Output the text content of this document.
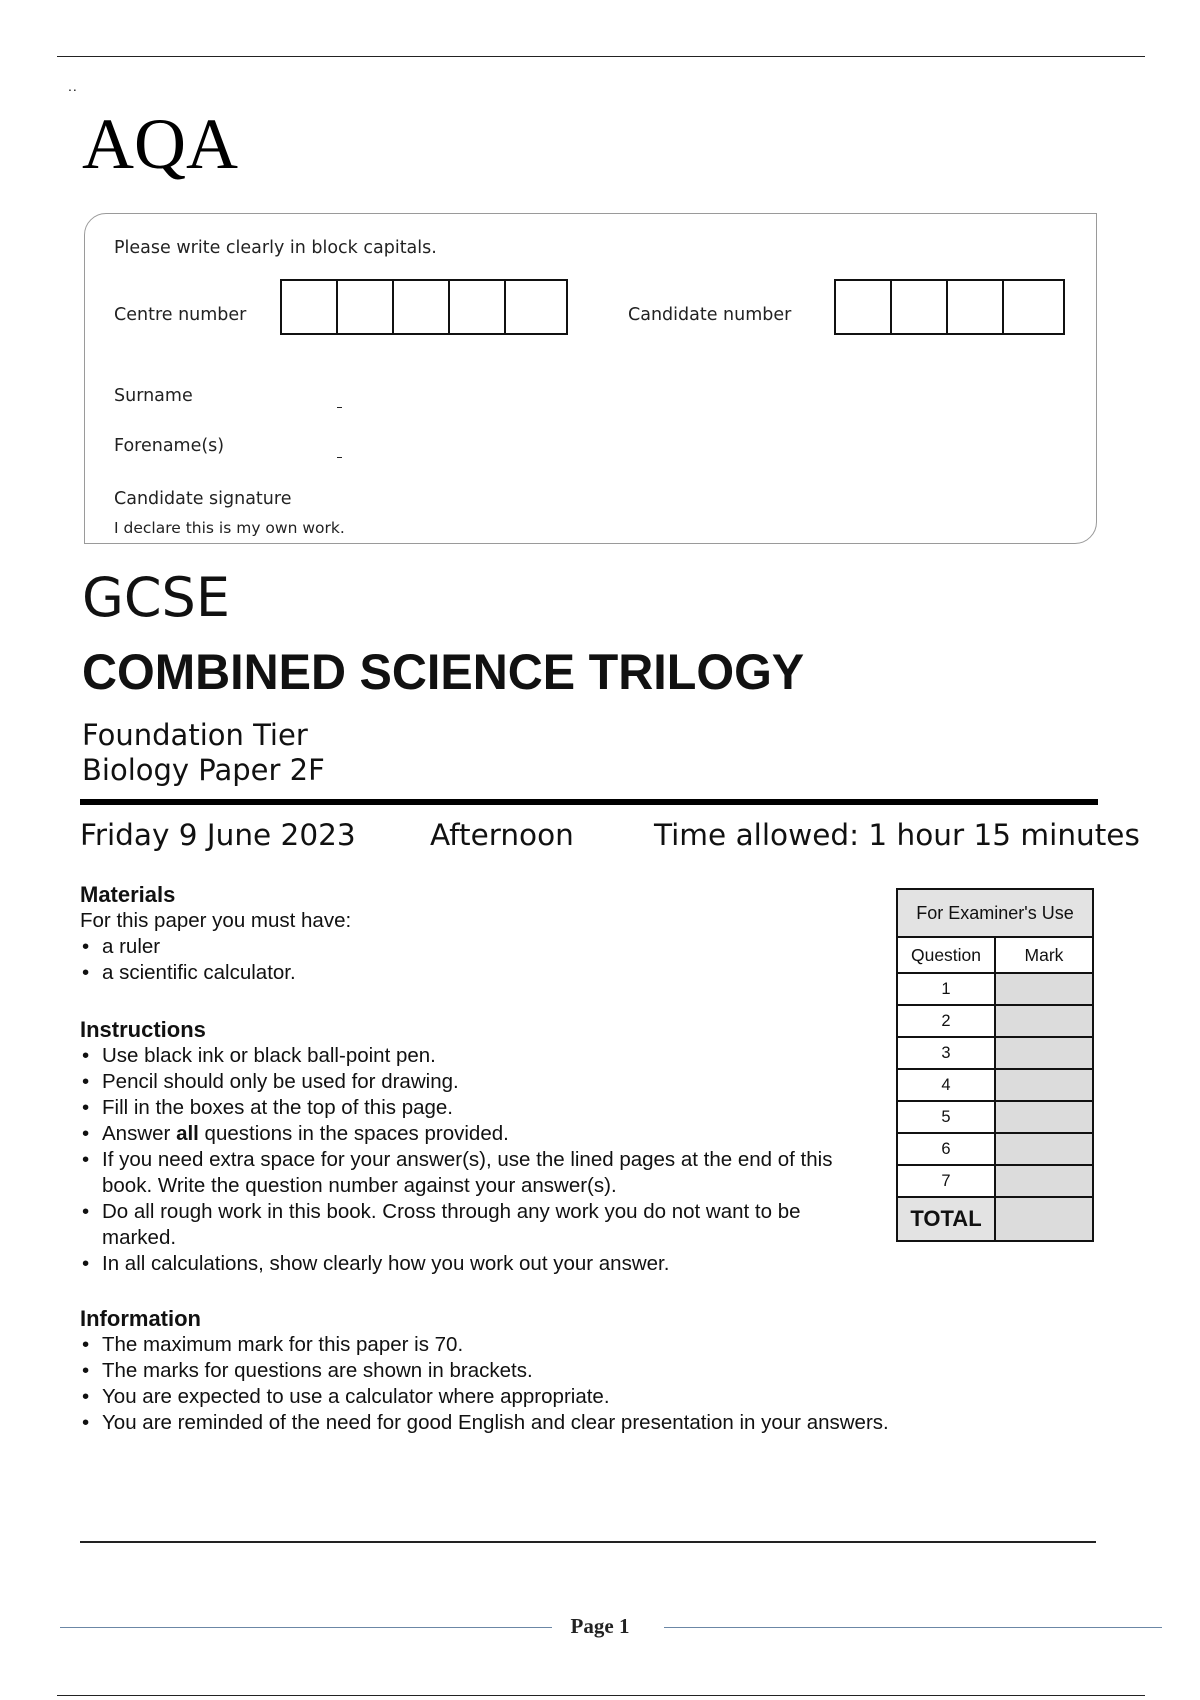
..
AQA
Please write clearly in block capitals.
Centre number	Candidate number
Surname
Forename(s)
Candidate signature
I declare this is my own work.
GCSE
COMBINED SCIENCE TRILOGY
Foundation Tier
Biology Paper 2F
Friday 9 June 2023	Afternoon	Time allowed: 1 hour 15 minutes
Materials
For this paper you must have:
• a ruler
• a scientific calculator.
Instructions
• Use black ink or black ball-point pen.
• Pencil should only be used for drawing.
• Fill in the boxes at the top of this page.
• Answer all questions in the spaces provided.
• If you need extra space for your answer(s), use the lined pages at the end of this book. Write the question number against your answer(s).
• Do all rough work in this book. Cross through any work you do not want to be marked.
• In all calculations, show clearly how you work out your answer.
Information
• The maximum mark for this paper is 70.
• The marks for questions are shown in brackets.
• You are expected to use a calculator where appropriate.
• You are reminded of the need for good English and clear presentation in your answers.
For Examiner's Use	
Question	Mark
1	
2	
3	
4	
5	
6	
7	
TOTAL	
Page 1
